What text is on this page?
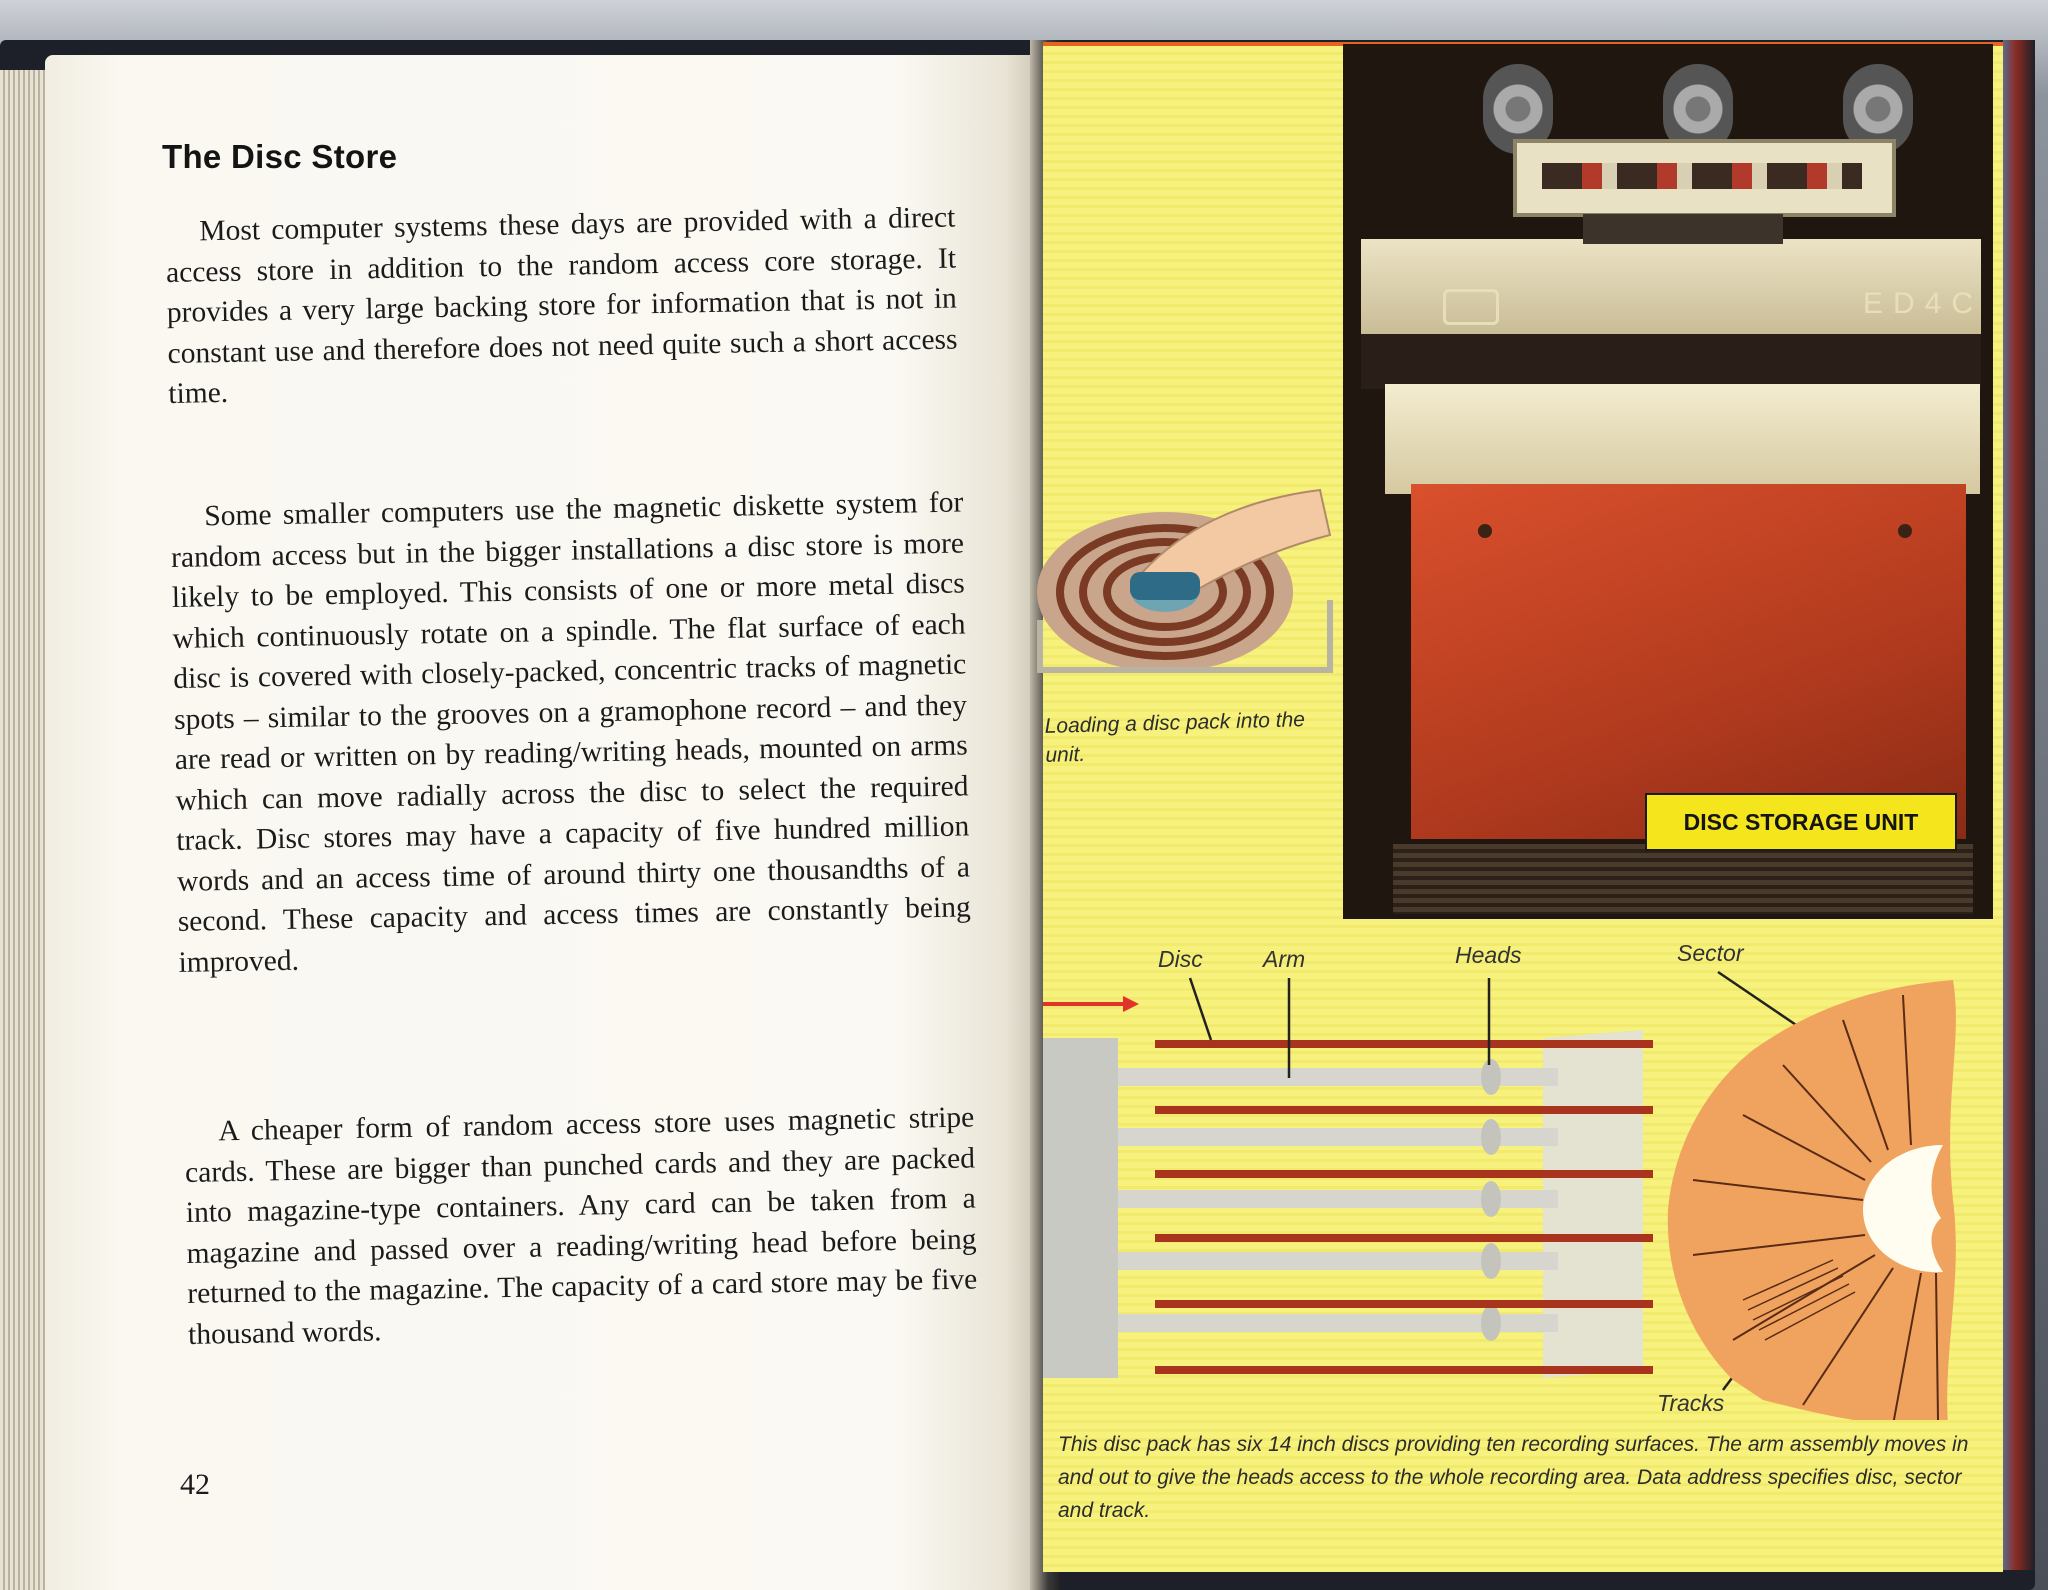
The Disc Store

Most computer systems these days are provided with a direct access store in addition to the random access core storage. It provides a very large backing store for information that is not in constant use and therefore does not need quite such a short access time.

Some smaller computers use the magnetic diskette system for random access but in the bigger installations a disc store is more likely to be employed. This consists of one or more metal discs which continuously rotate on a spindle. The flat surface of each disc is covered with closely-packed, concentric tracks of magnetic spots – similar to the grooves on a gramophone record – and they are read or written on by reading/writing heads, mounted on arms which can move radially across the disc to select the required track. Disc stores may have a capacity of five hundred million words and an access time of around thirty one thousandths of a second. These capacity and access times are constantly being improved.

A cheaper form of random access store uses magnetic stripe cards. These are bigger than punched cards and they are packed into magazine-type containers. Any card can be taken from a magazine and passed over a reading/writing head before being returned to the magazine. The capacity of a card store may be five thousand words.

42
ED4C
DISC STORAGE UNIT

Loading a disc pack into the unit.

Disc	Arm	Heads	Sector
Tracks

This disc pack has six 14 inch discs providing ten recording surfaces. The arm assembly moves in and out to give the heads access to the whole recording area. Data address specifies disc, sector and track.
